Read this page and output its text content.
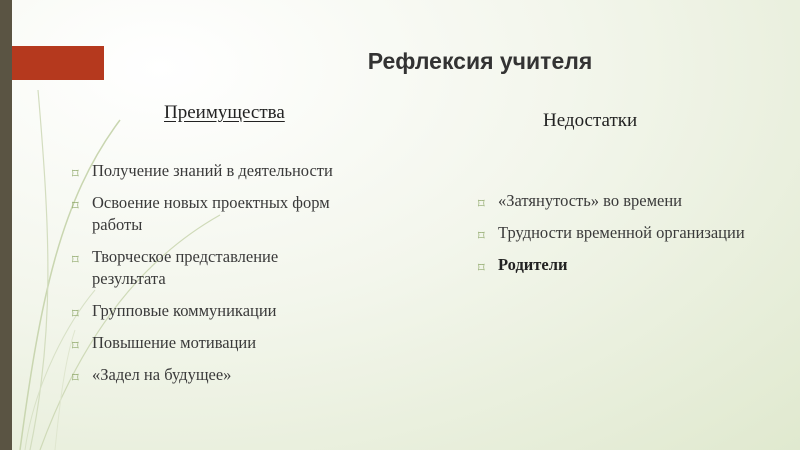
Рефлексия учителя
Преимущества	Недостатки
⌑ Получение знаний в деятельности
⌑ Освоение новых проектных форм работы
⌑ Творческое представление результата
⌑ Групповые коммуникации
⌑ Повышение мотивации
⌑ «Задел на будущее»
⌑ «Затянутость» во времени
⌑ Трудности временной организации
⌑ Родители
